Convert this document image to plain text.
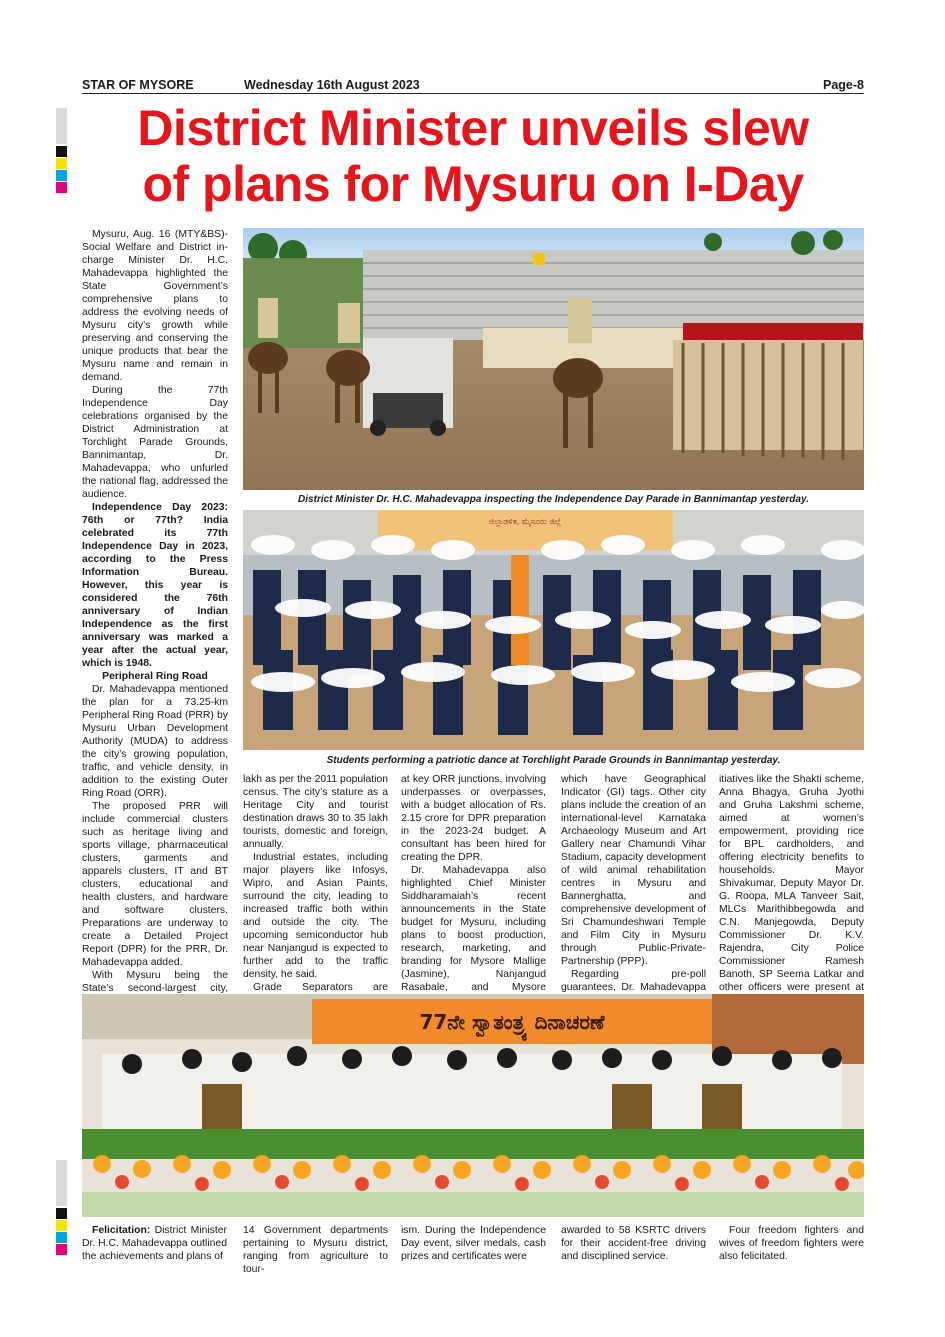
STAR OF MYSORE	Wednesday 16th August 2023	Page-8
District Minister unveils slew
of plans for Mysuru on I-Day

Mysuru, Aug. 16 (MTY&BS)- Social Welfare and District in-charge Minister Dr. H.C. Mahadevappa highlighted the State Government’s comprehensive plans to address the evolving needs of Mysuru city’s growth while preserving and conserving the unique products that bear the Mysuru name and remain in demand.

During the 77th Independence Day celebrations organised by the District Administration at Torchlight Parade Grounds, Bannimantap, Dr. Mahadevappa, who unfurled the national flag, addressed the audience.

Independence Day 2023: 76th or 77th? India celebrated its 77th Independence Day in 2023, according to the Press Information Bureau. However, this year is considered the 76th anniversary of Indian Independence as the first anniversary was marked a year after the actual year, which is 1948.

Peripheral Ring Road

Dr. Mahadevappa mentioned the plan for a 73.25-km Peripheral Ring Road (PRR) by Mysuru Urban Development Authority (MUDA) to address the city’s growing population, traffic, and vehicle density, in addition to the existing Outer Ring Road (ORR).

The proposed PRR will include commercial clusters such as heritage living and sports village, pharmaceutical clusters, garments and apparels clusters, IT and BT clusters, educational and health clusters, and hardware and software clusters. Preparations are underway to create a Detailed Project Report (DPR) for the PRR, Dr. Mahadevappa added.

With Mysuru being the State’s second-largest city,

District Minister Dr. H.C. Mahadevappa inspecting the Independence Day Parade in Bannimantap yesterday.
ಜಿಲ್ಲಾಡಳಿತ, ಮೈಸೂರು ಜಿಲ್ಲೆ
Students performing a patriotic dance at Torchlight Parade Grounds in Bannimantap yesterday.

lakh as per the 2011 population census. The city’s stature as a Heritage City and tourist destination draws 30 to 35 lakh tourists, domestic and foreign, annually.

Industrial estates, including major players like Infosys, Wipro, and Asian Paints, surround the city, leading to increased traffic both within and outside the city. The upcoming semiconductor hub near Nanjangud is expected to further add to the traffic density, he said.

Grade Separators are

at key ORR junctions, involving underpasses or overpasses, with a budget allocation of Rs. 2.15 crore for DPR preparation in the 2023-24 budget. A consultant has been hired for creating the DPR.

Dr. Mahadevappa also highlighted Chief Minister Siddharamaiah’s recent announcements in the State budget for Mysuru, including plans to boost production, research, marketing, and branding for Mysore Mallige (Jasmine), Nanjangud Rasabale, and Mysore

which have Geographical Indicator (GI) tags. Other city plans include the creation of an international-level Karnataka Archaeology Museum and Art Gallery near Chamundi Vihar Stadium, capacity development of wild animal rehabilitation centres in Mysuru and Bannerghatta, and comprehensive development of Sri Chamundeshwari Temple and Film City in Mysuru through Public-Private-Partnership (PPP).

Regarding pre-poll guarantees, Dr. Mahadevappa

itiatives like the Shakti scheme, Anna Bhagya, Gruha Jyothi and Gruha Lakshmi scheme, aimed at women’s empowerment, providing rice for BPL cardholders, and offering electricity benefits to households. Mayor Shivakumar, Deputy Mayor Dr. G. Roopa, MLA Tanveer Sait, MLCs Marithibbegowda and C.N. Manjegowda, Deputy Commissioner Dr. K.V. Rajendra, City Police Commissioner Ramesh Banoth, SP Seema Latkar and other officers were present at

77ನೇ ಸ್ವಾತಂತ್ರ್ಯ ದಿನಾಚರಣೆ

Felicitation: District Minister Dr. H.C. Mahadevappa outlined the achievements and plans of

14 Government departments pertaining to Mysuru district, ranging from agriculture to tour-

ism. During the Independence Day event, silver medals, cash prizes and certificates were

awarded to 58 KSRTC drivers for their accident-free driving and disciplined service.

Four freedom fighters and wives of freedom fighters were also felicitated.
